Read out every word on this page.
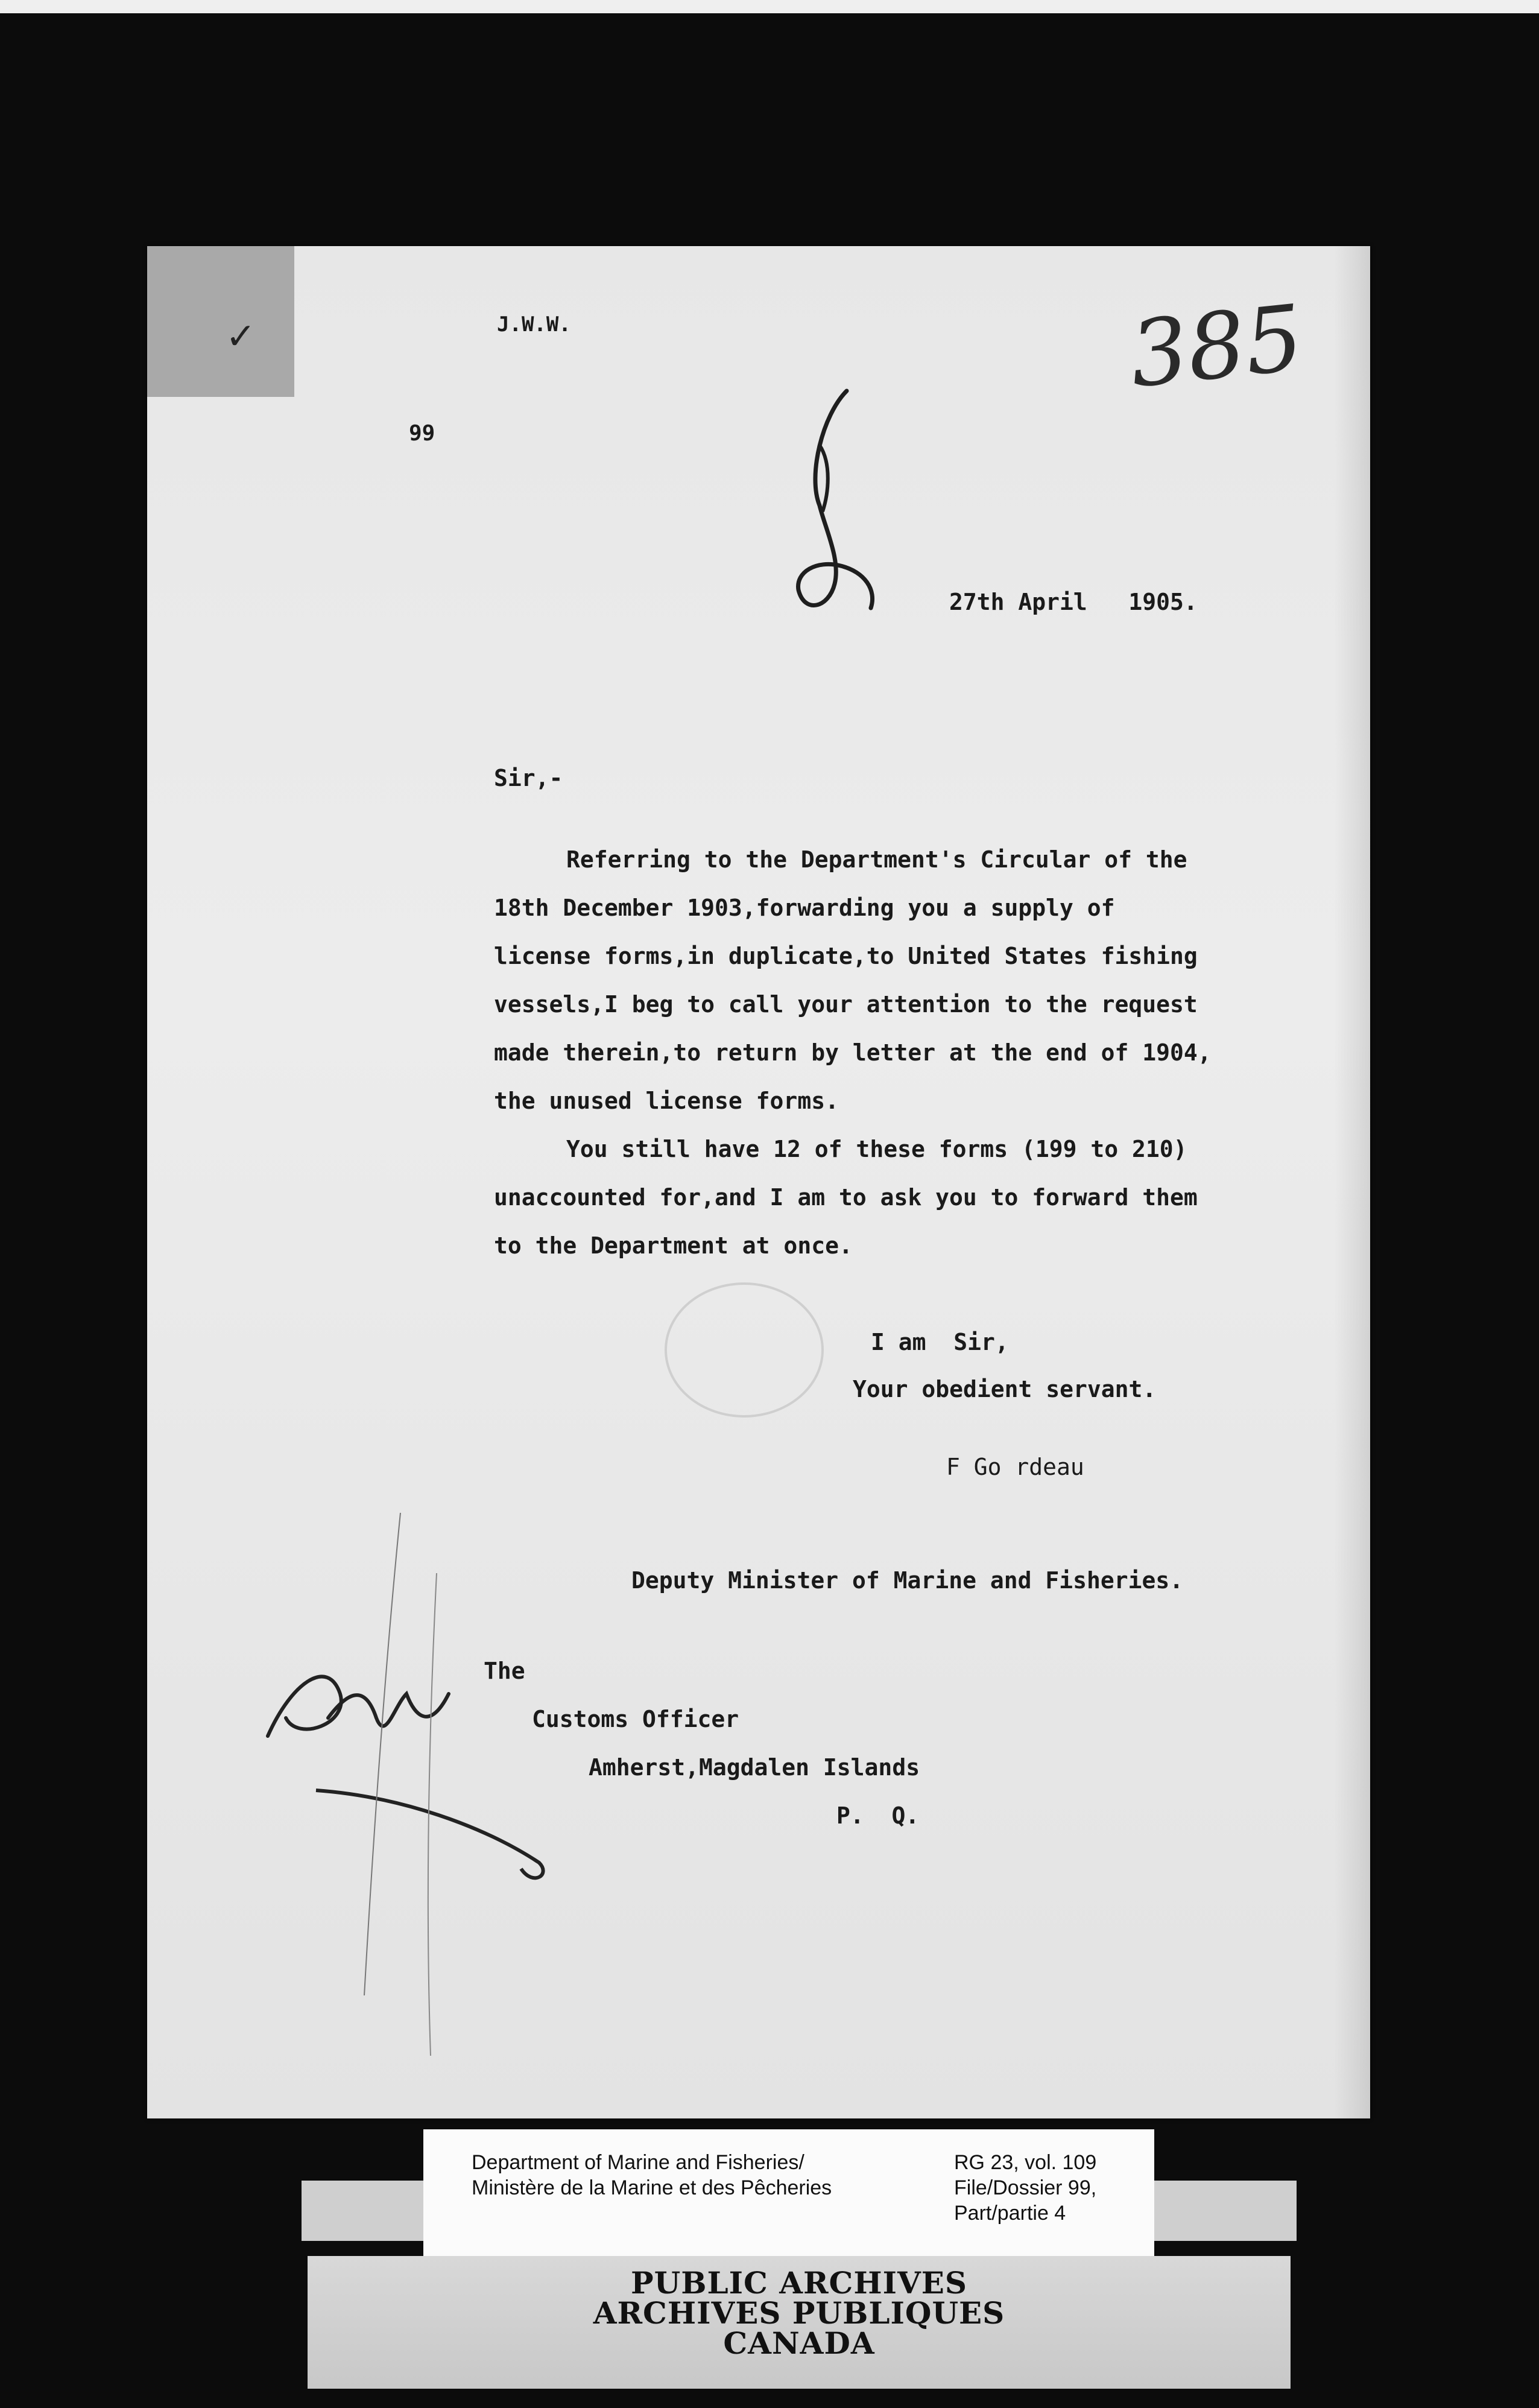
✓	J.W.W.
99
385
27th April   1905.
Sir,-
Referring to the Department's Circular of the
18th December 1903,forwarding you a supply of
license forms,in duplicate,to United States fishing
vessels,I beg to call your attention to the request
made therein,to return by letter at the end of 1904,
the unused license forms.
You still have 12 of these forms (199 to 210)
unaccounted for,and I am to ask you to forward them
to the Department at once.
I am  Sir,
Your obedient servant.
F Go rdeau
Deputy Minister of Marine and Fisheries.
The
Customs Officer
Amherst,Magdalen Islands
P.  Q.
Department of Marine and Fisheries/
Ministère de la Marine et des Pêcheries
RG 23, vol. 109
File/Dossier 99,
Part/partie 4
PUBLIC ARCHIVES
ARCHIVES PUBLIQUES
CANADA
